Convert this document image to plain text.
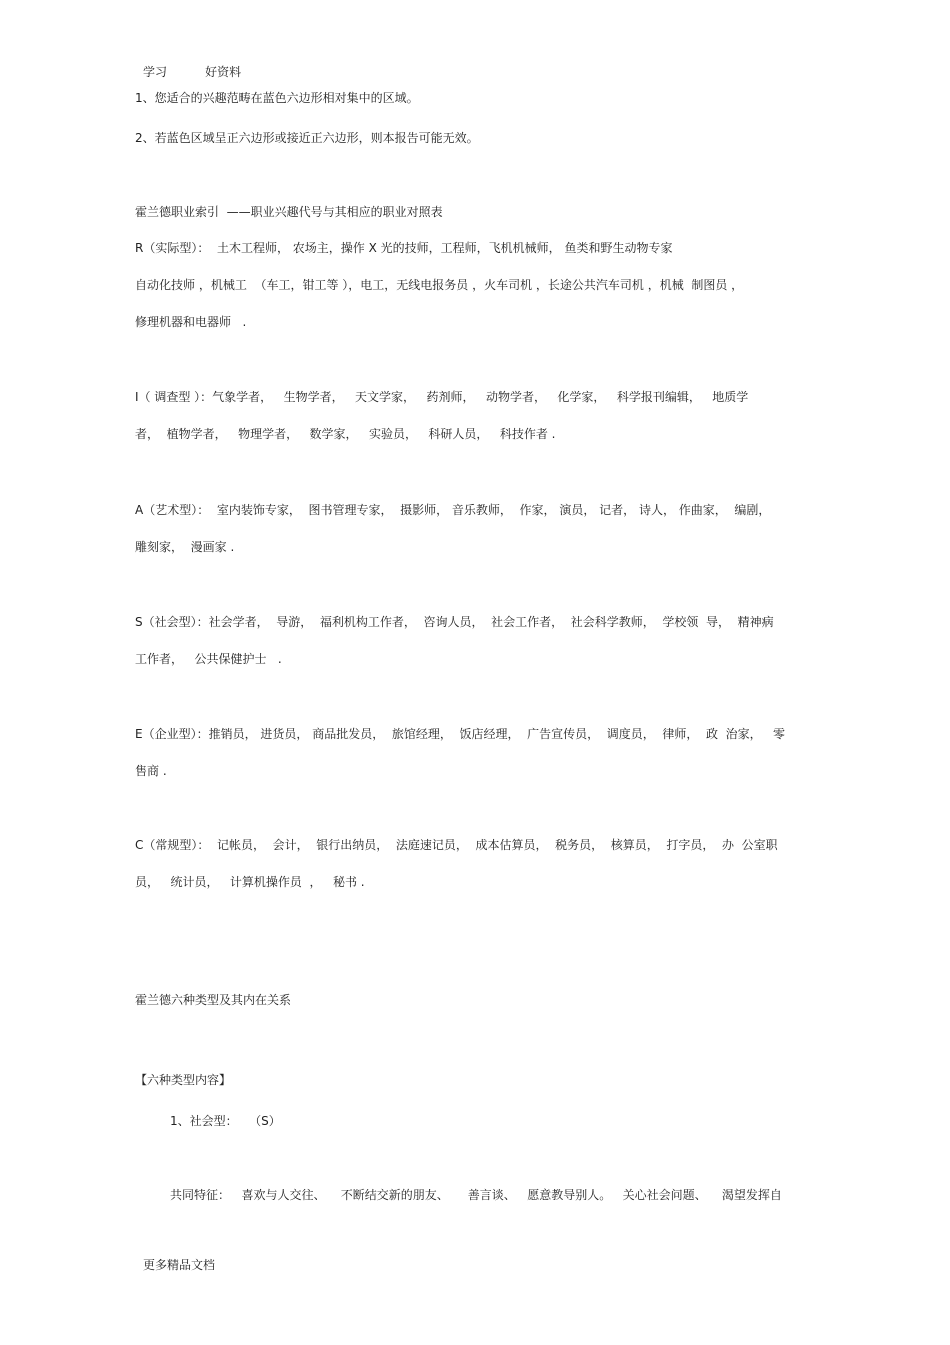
学习          好资料
1、您适合的兴趣范畴在蓝色六边形相对集中的区域。
2、若蓝色区域呈正六边形或接近正六边形，则本报告可能无效。
霍兰德职业索引  ——职业兴趣代号与其相应的职业对照表
R（实际型）：  土木工程师， 农场主，操作 X 光的技师，工程师，飞机机械师， 鱼类和野生动物专家
自动化技师 ，机械工  （车工，钳工等 ），电工，无线电报务员 ，火车司机 ，长途公共汽车司机 ，机械  制图员 ，
修理机器和电器师   .
I（ 调查型 ）：气象学者，   生物学者，   天文学家，   药剂师，   动物学者，   化学家，   科学报刊编辑，   地质学
者，  植物学者，   物理学者，   数学家，   实验员，   科研人员，   科技作者 .
A（艺术型）：  室内装饰专家，  图书管理专家，  摄影师， 音乐教师，  作家， 演员， 记者， 诗人， 作曲家，  编剧，
雕刻家，  漫画家 .
S（社会型）：社会学者，  导游，  福利机构工作者，  咨询人员，  社会工作者，  社会科学教师，  学校领  导，  精神病
工作者，   公共保健护士   .
E（企业型）：推销员， 进货员， 商品批发员，  旅馆经理，  饭店经理，  广告宣传员，  调度员，  律师，  政  治家，   零
售商 .
C（常规型）：  记帐员，  会计，  银行出纳员，  法庭速记员，  成本估算员，  税务员，  核算员，  打字员，  办  公室职
员，   统计员，   计算机操作员  ，   秘书 .
霍兰德六种类型及其内在关系
【六种类型内容】
1、社会型：   （S）
共同特征：   喜欢与人交往、    不断结交新的朋友、     善言谈、   愿意教导别人。   关心社会问题、    渴望发挥自
更多精品文档
